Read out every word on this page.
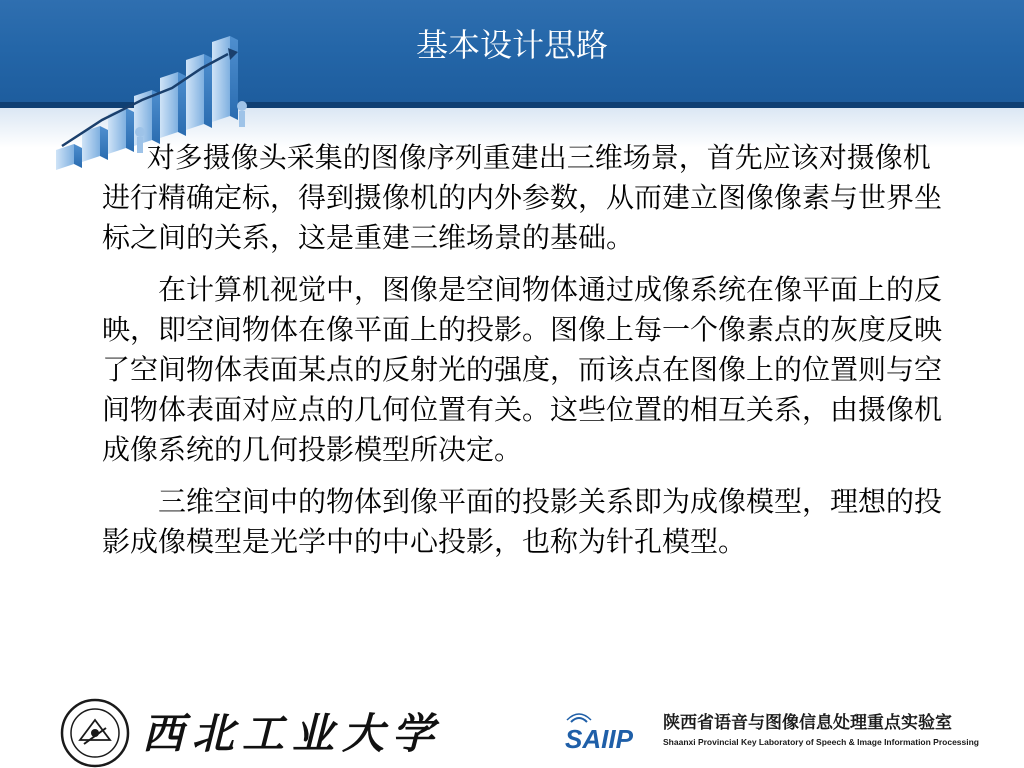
基本设计思路

对多摄像头采集的图像序列重建出三维场景，首先应该对摄像机进行精确定标，得到摄像机的内外参数，从而建立图像像素与世界坐标之间的关系，这是重建三维场景的基础。

在计算机视觉中，图像是空间物体通过成像系统在像平面上的反映，即空间物体在像平面上的投影。图像上每一个像素点的灰度反映了空间物体表面某点的反射光的强度，而该点在图像上的位置则与空间物体表面对应点的几何位置有关。这些位置的相互关系，由摄像机成像系统的几何投影模型所决定。

三维空间中的物体到像平面的投影关系即为成像模型，理想的投影成像模型是光学中的中心投影，也称为针孔模型。

西北工业大学	SAIIP
陕西省语音与图像信息处理重点实验室
Shaanxi Provincial Key Laboratory of Speech & Image Information Processing
